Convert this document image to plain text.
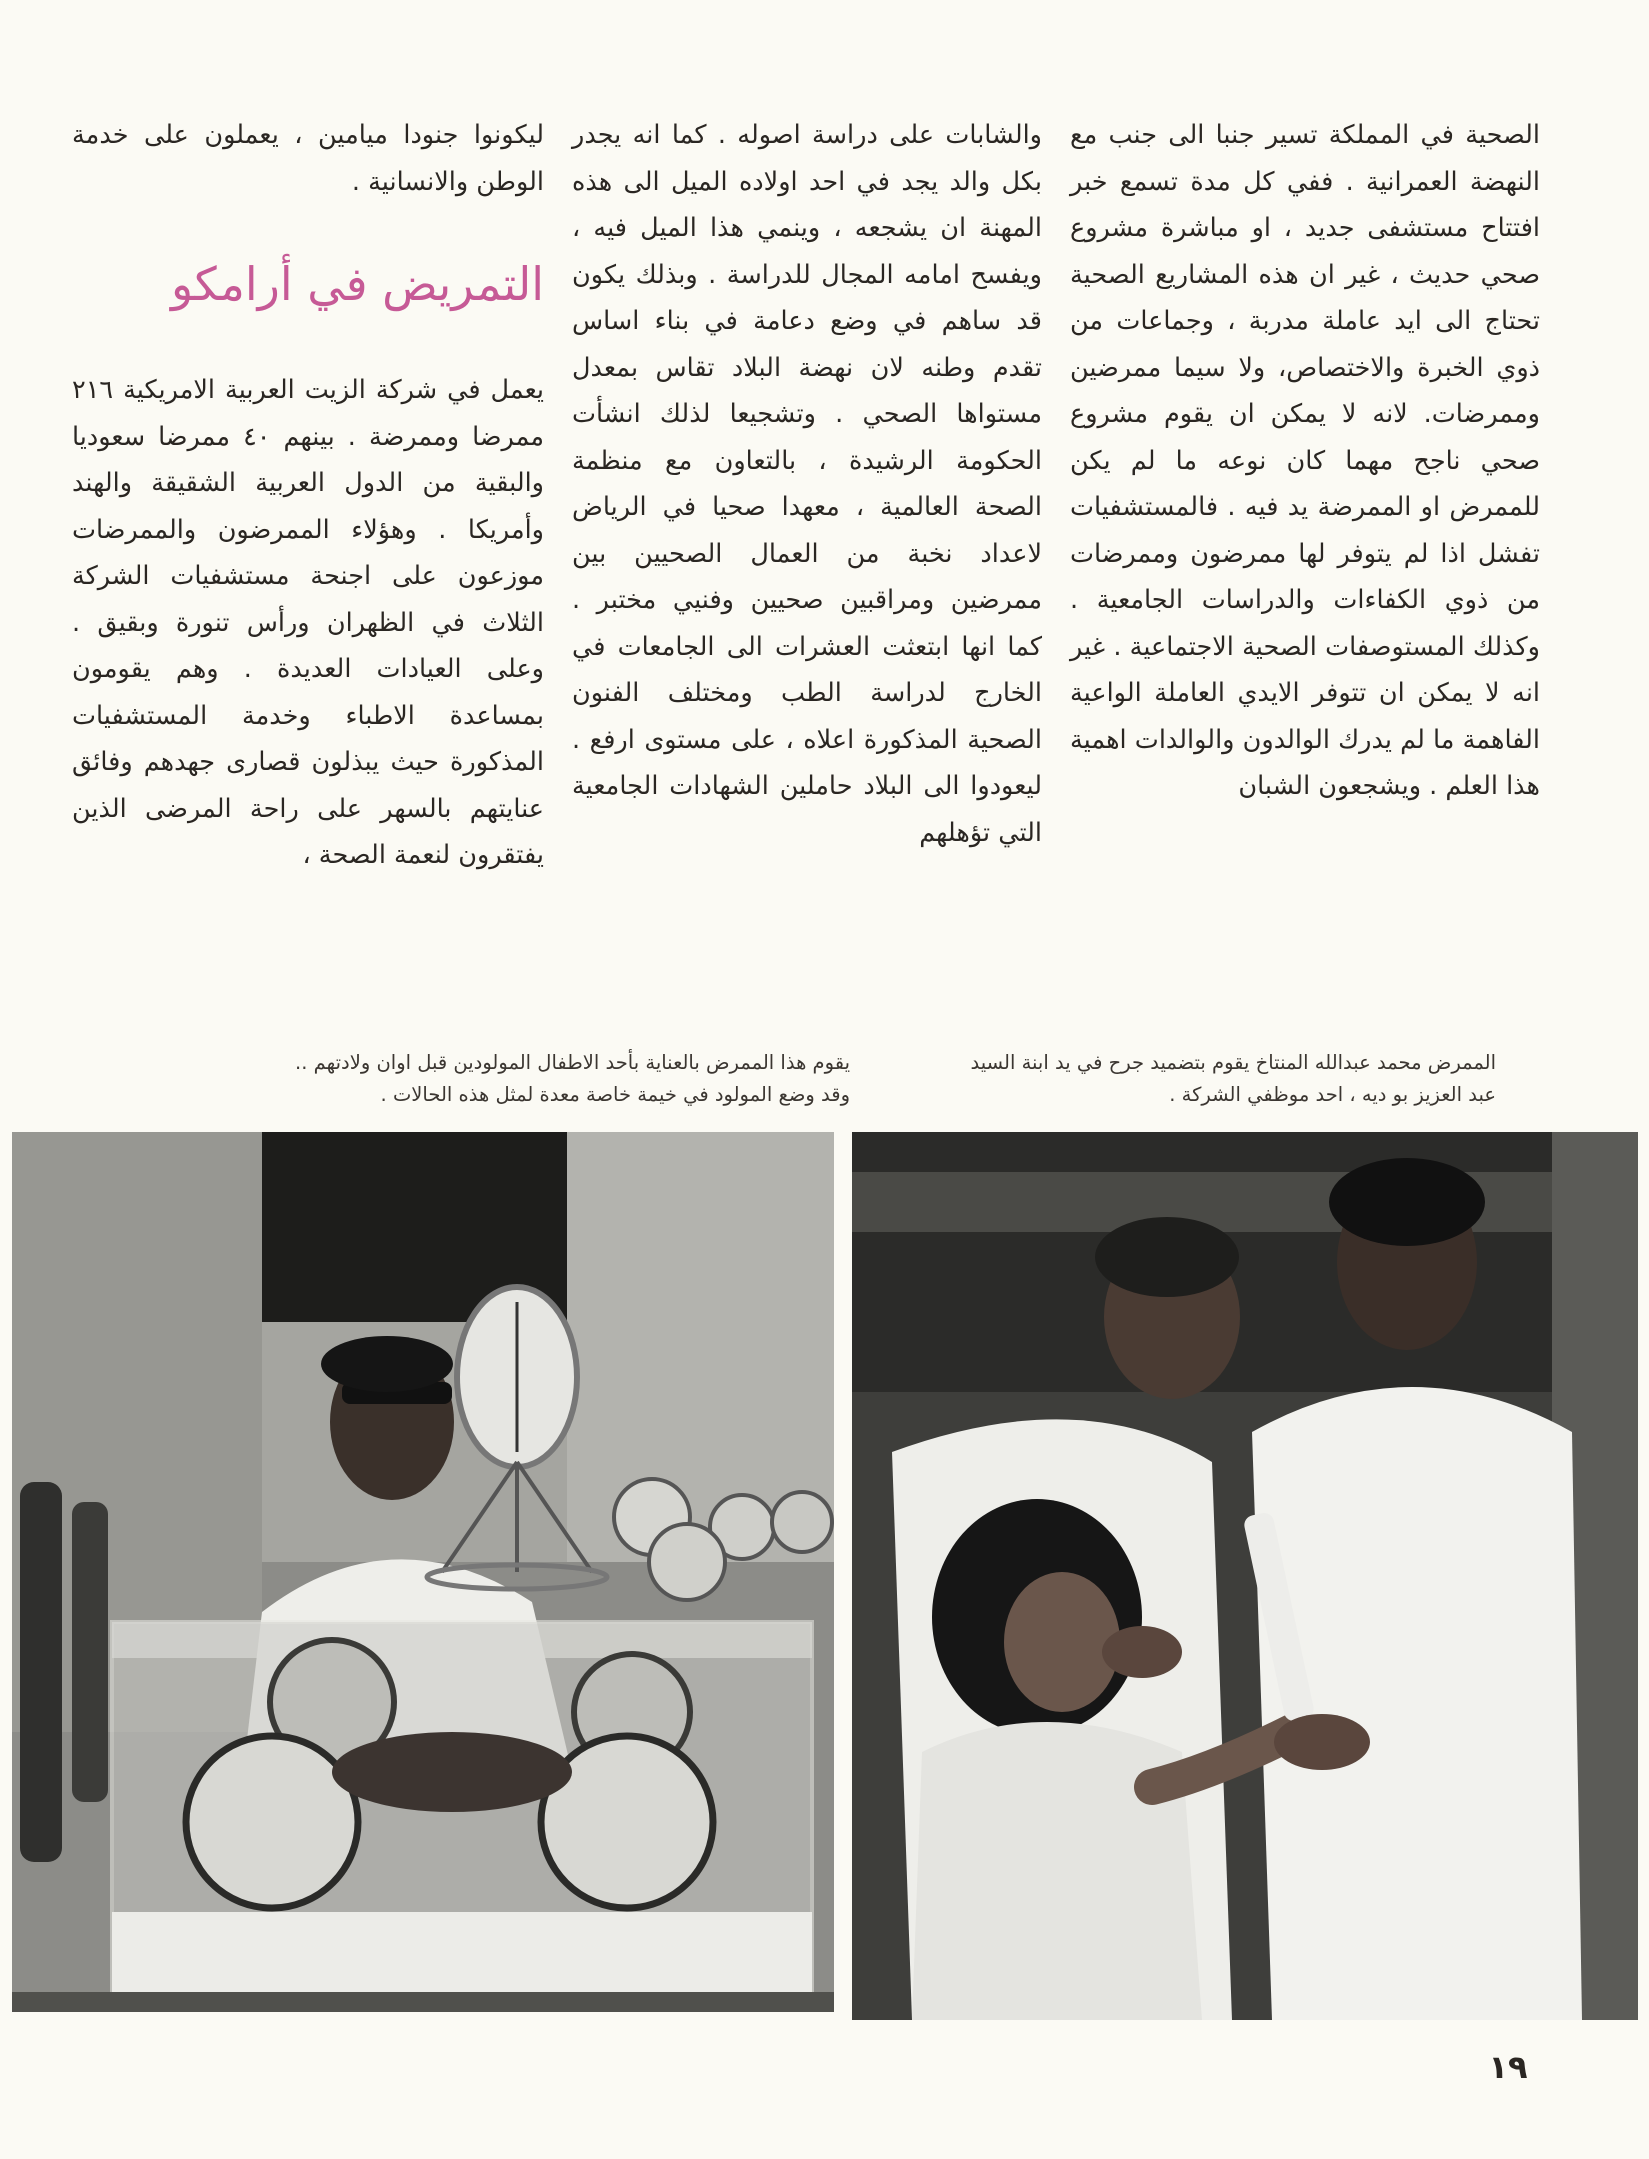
الصحية في المملكة تسير جنبا الى جنب مع النهضة العمرانية . ففي كل مدة تسمع خبر افتتاح مستشفى جديد ، او مباشرة مشروع صحي حديث ، غير ان هذه المشاريع الصحية تحتاج الى ايد عاملة مدربة ، وجماعات من ذوي الخبرة والاختصاص، ولا سيما ممرضين وممرضات. لانه لا يمكن ان يقوم مشروع صحي ناجح مهما كان نوعه ما لم يكن للممرض او الممرضة يد فيه . فالمستشفيات تفشل اذا لم يتوفر لها ممرضون وممرضات من ذوي الكفاءات والدراسات الجامعية . وكذلك المستوصفات الصحية الاجتماعية . غير انه لا يمكن ان تتوفر الايدي العاملة الواعية الفاهمة ما لم يدرك الوالدون والوالدات اهمية هذا العلم . ويشجعون الشبان

والشابات على دراسة اصوله . كما انه يجدر بكل والد يجد في احد اولاده الميل الى هذه المهنة ان يشجعه ، وينمي هذا الميل فيه ، ويفسح امامه المجال للدراسة . وبذلك يكون قد ساهم في وضع دعامة في بناء اساس تقدم وطنه لان نهضة البلاد تقاس بمعدل مستواها الصحي . وتشجيعا لذلك انشأت الحكومة الرشيدة ، بالتعاون مع منظمة الصحة العالمية ، معهدا صحيا في الرياض لاعداد نخبة من العمال الصحيين بين ممرضين ومراقبين صحيين وفنيي مختبر . كما انها ابتعثت العشرات الى الجامعات في الخارج لدراسة الطب ومختلف الفنون الصحية المذكورة اعلاه ، على مستوى ارفع . ليعودوا الى البلاد حاملين الشهادات الجامعية التي تؤهلهم

ليكونوا جنودا ميامين ، يعملون على خدمة الوطن والانسانية .

التمريض في أرامكو

يعمل في شركة الزيت العربية الامريكية ٢١٦ ممرضا وممرضة . بينهم ٤٠ ممرضا سعوديا والبقية من الدول العربية الشقيقة والهند وأمريكا . وهؤلاء الممرضون والممرضات موزعون على اجنحة مستشفيات الشركة الثلاث في الظهران ورأس تنورة وبقيق . وعلى العيادات العديدة . وهم يقومون بمساعدة الاطباء وخدمة المستشفيات المذكورة حيث يبذلون قصارى جهدهم وفائق عنايتهم بالسهر على راحة المرضى الذين يفتقرون لنعمة الصحة ،

الممرض محمد عبدالله المنتاخ يقوم بتضميد جرح في يد ابنة السيد عبد العزيز بو ديه ، احد موظفي الشركة .
يقوم هذا الممرض بالعناية بأحد الاطفال المولودين قبل اوان ولادتهم .. وقد وضع المولود في خيمة خاصة معدة لمثل هذه الحالات .
١٩
